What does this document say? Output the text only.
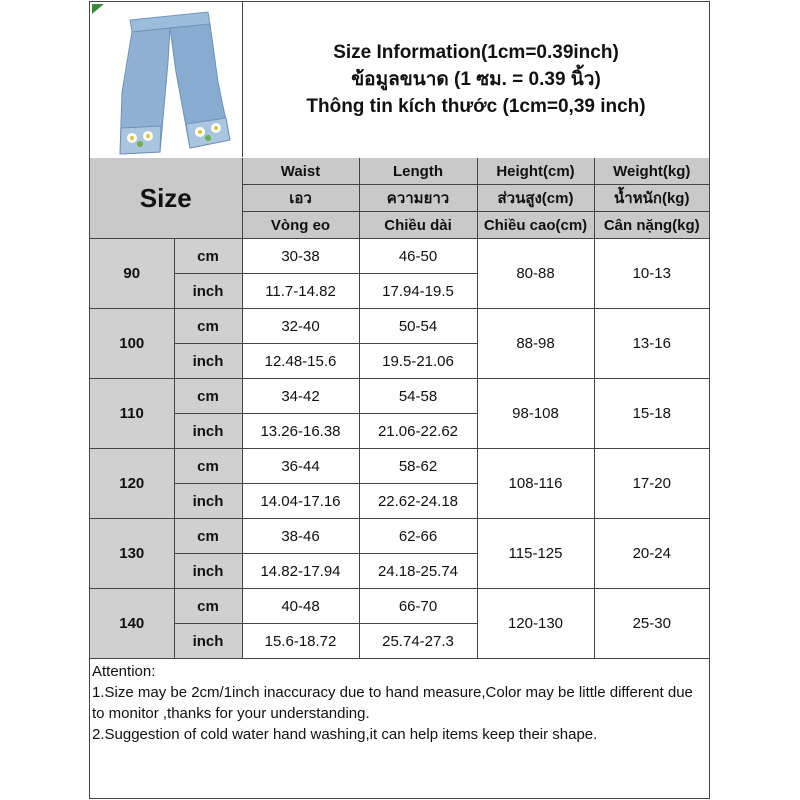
Size Information(1cm=0.39inch)
ข้อมูลขนาด (1 ซม. = 0.39 นิ้ว)
Thông tin kích thước (1cm=0,39 inch)
Size		Waist	Length	Height(cm)	Weight(kg)
		เอว	ความยาว	ส่วนสูง(cm)	น้ำหนัก(kg)
		Vòng eo	Chiều dài	Chiều cao(cm)	Cân nặng(kg)
90	cm	30-38	46-50	80-88	10-13
	inch	11.7-14.82	17.94-19.5		
100	cm	32-40	50-54	88-98	13-16
	inch	12.48-15.6	19.5-21.06		
110	cm	34-42	54-58	98-108	15-18
	inch	13.26-16.38	21.06-22.62		
120	cm	36-44	58-62	108-116	17-20
	inch	14.04-17.16	22.62-24.18		
130	cm	38-46	62-66	115-125	20-24
	inch	14.82-17.94	24.18-25.74		
140	cm	40-48	66-70	120-130	25-30
	inch	15.6-18.72	25.74-27.3		
Attention:
1.Size may be 2cm/1inch inaccuracy due to hand measure,Color may be little different due to monitor ,thanks for your understanding.
2.Suggestion of cold water hand washing,it can help items keep their shape.
